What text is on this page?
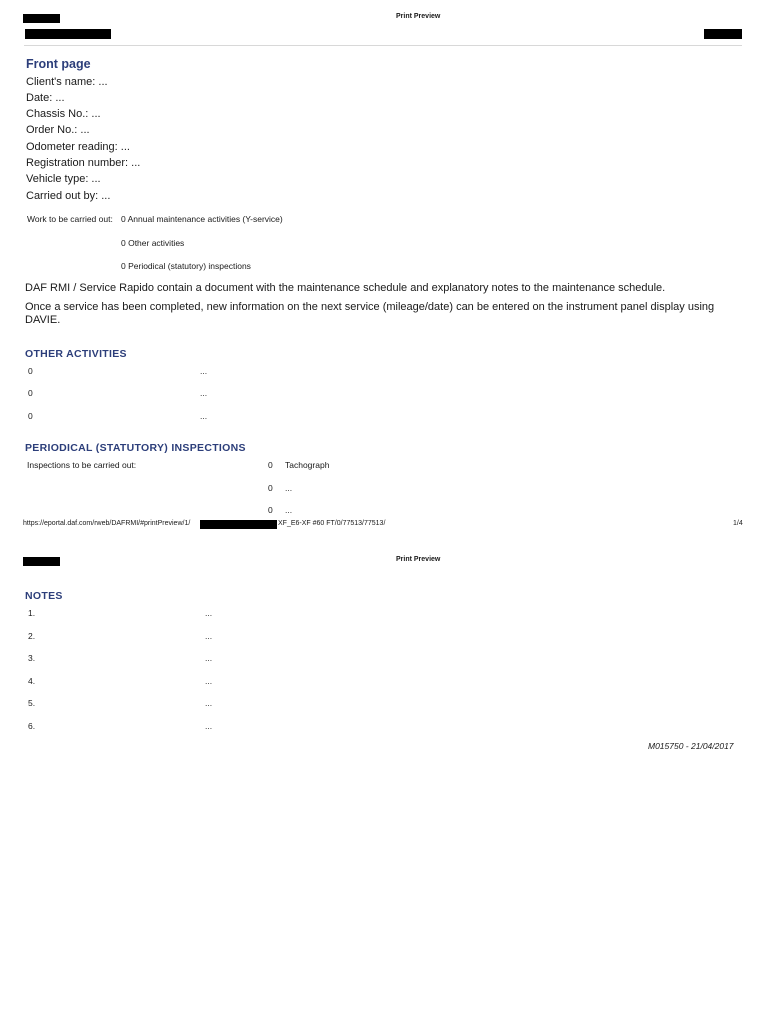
Print Preview
Front page
Client's name: ...
Date: ...
Chassis No.: ...
Order No.: ...
Odometer reading: ...
Registration number: ...
Vehicle type: ...
Carried out by: ...
Work to be carried out: 0 Annual maintenance activities (Y-service)
0 Other activities
0 Periodical (statutory) inspections
DAF RMI / Service Rapido contain a document with the maintenance schedule and explanatory notes to the maintenance schedule.
Once a service has been completed, new information on the next service (mileage/date) can be entered on the instrument panel display using DAVIE.
OTHER ACTIVITIES
0	...
0	...
0	...
PERIODICAL (STATUTORY) INSPECTIONS
Inspections to be carried out:	0 Tachograph
0 ...
0 ...
https://eportal.daf.com/rweb/DAFRMI/#printPreview/1/	XF_E6-XF #60 FT/0/77513/77513/	1/4
Print Preview
NOTES
1.	...
2.	...
3.	...
4.	...
5.	...
6.	...
M015750 - 21/04/2017
